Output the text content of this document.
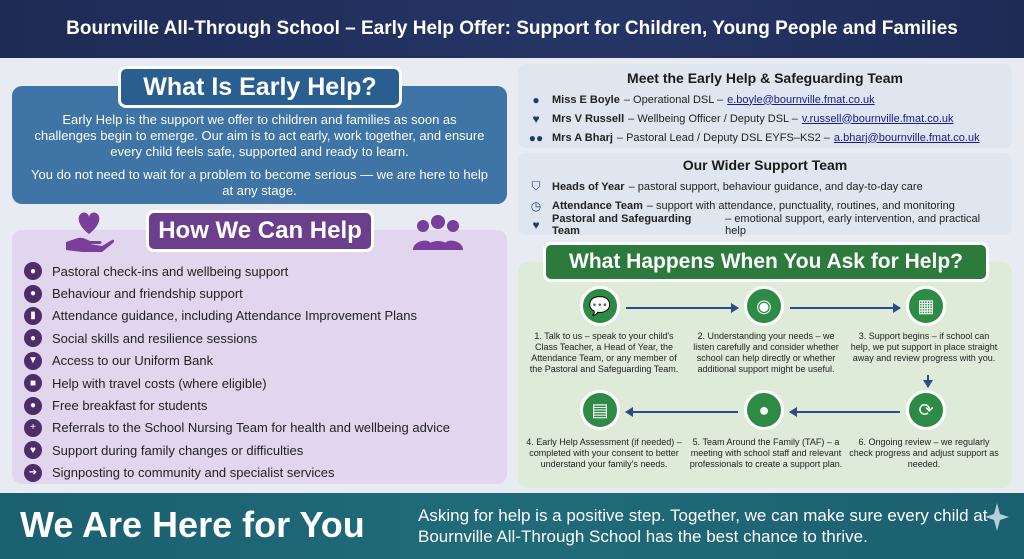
Bournville All-Through School – Early Help Offer: Support for Children, Young People and Families

Early Help is the support we offer to children and families as soon as challenges begin to emerge. Our aim is to act early, work together, and ensure every child feels safe, supported and ready to learn.

You do not need to wait for a problem to become serious — we are here to help at any stage.

What Is Early Help?
●	Pastoral check-ins and wellbeing support
●	Behaviour and friendship support
▮	Attendance guidance, including Attendance Improvement Plans
●	Social skills and resilience sessions
▼	Access to our Uniform Bank
■	Help with travel costs (where eligible)
●	Free breakfast for students
+	Referrals to the School Nursing Team for health and wellbeing advice
♥	Support during family changes or difficulties
➜	Signposting to community and specialist services
How We Can Help
Meet the Early Help & Safeguarding Team
●	Miss E Boyle – Operational DSL – e.boyle@bournville.fmat.co.uk
♥	Mrs V Russell – Wellbeing Officer / Deputy DSL – v.russell@bournville.fmat.co.uk
●● Mrs A Bharj – Pastoral Lead / Deputy DSL EYFS–KS2 – a.bharj@bournville.fmat.co.uk
Our Wider Support Team
⛉	Heads of Year – pastoral support, behaviour guidance, and day-to-day care
◷ Attendance Team – support with attendance, punctuality, routines, and monitoring
♥	Pastoral and Safeguarding Team
– emotional support, early intervention, and practical help
What Happens When You Ask for Help?
💬	◉	▦
▤	●	⟳
1. Talk to us – speak to your child's Class Teacher, a Head of Year, the Attendance Team, or any member of the Pastoral and Safeguarding Team.
2. Understanding your needs – we listen carefully and consider whether school can help directly or whether additional support might be useful.
3. Support begins – if school can help, we put support in place straight away and review progress with you.
4. Early Help Assessment (if needed) – completed with your consent to better understand your family's needs.
5. Team Around the Family (TAF) – a meeting with school staff and relevant professionals to create a support plan.
6. Ongoing review – we regularly check progress and adjust support as needed.
We Are Here for You	Asking for help is a positive step. Together, we can make sure every child at Bournville All-Through School has the best chance to thrive.
